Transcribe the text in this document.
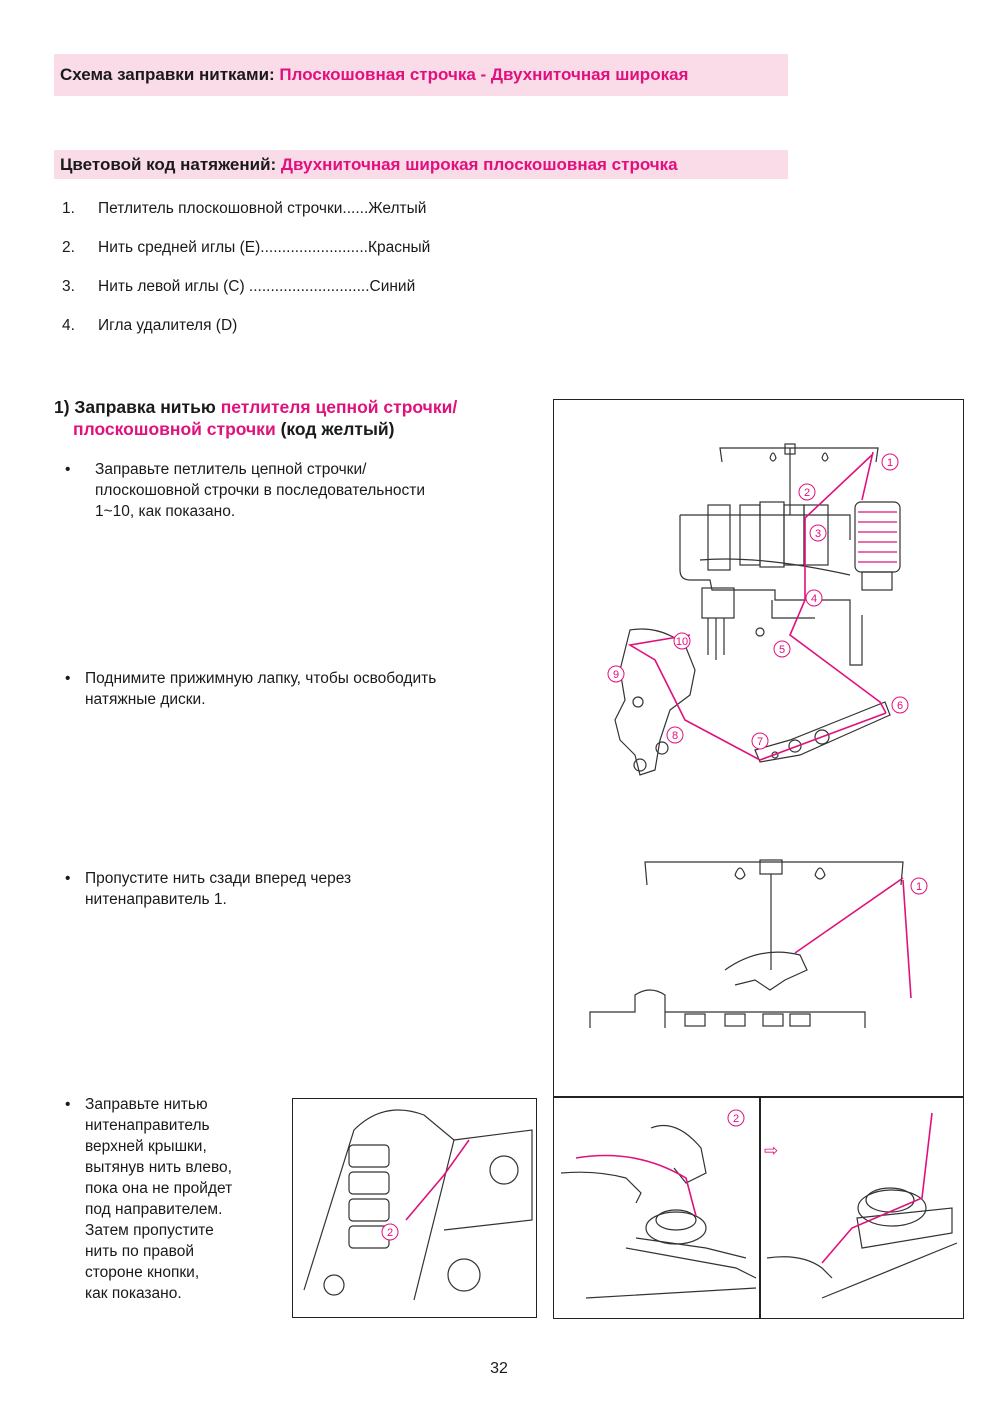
Схема заправки нитками: Плоскошовная строчка - Двухниточная широкая
Цветовой код натяжений: Двухниточная широкая плоскошовная строчка
1. Петлитель плоскошовной строчки......Желтый
2. Нить средней иглы (E).........................Красный
3. Нить левой иглы (C) ............................Синий
4. Игла удалителя (D)
1) Заправка нитью петлителя цепной строчки/
плоскошовной строчки (код желтый)
• Заправьте петлитель цепной строчки/
плоскошовной строчки в последовательности
1~10, как показано.
• Поднимите прижимную лапку, чтобы освободить
натяжные диски.
• Пропустите нить сзади вперед через
нитенаправитель 1.
• Заправьте нитью
нитенаправитель
верхней крышки,
вытянув нить влево,
пока она не пройдет
под направителем.
Затем пропустите
нить по правой
стороне кнопки,
как показано.
1
2
3
4
5
6
7
8
9
10
1
2
2
⇨
32
